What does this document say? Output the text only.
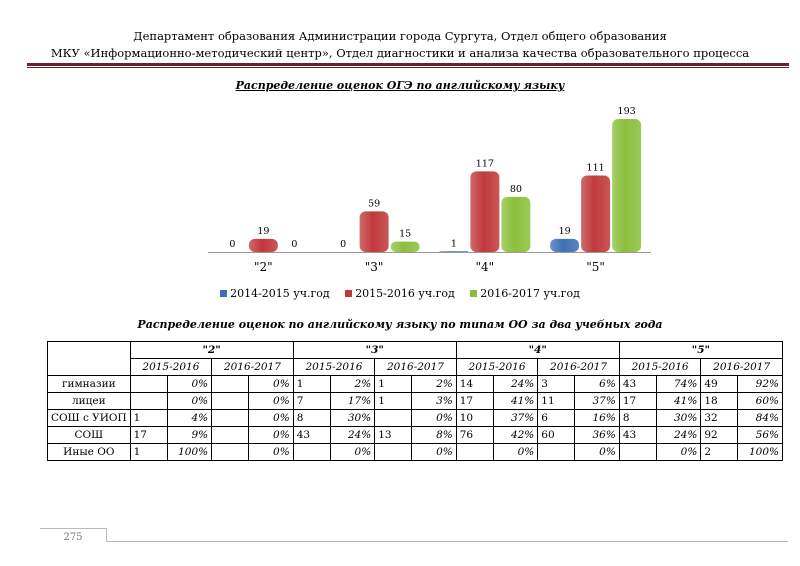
Департамент образования Администрации города Сургута, Отдел общего образования
МКУ «Информационно-методический центр», Отдел диагностики и анализа качества образовательного процесса
Распределение оценок ОГЭ по английскому языку
0
19
0
"2"
0
59
15
"3"
1
117
80
"4"
19
111
193
"5"
2014-2015 уч.год 2015-2016 уч.год 2016-2017 уч.год
Распределение оценок по английскому языку по типам ОО за два учебных года
	"2"				"3"				"4"				"5"			
	2015-2016		2016-2017		2015-2016		2016-2017		2015-2016		2016-2017		2015-2016		2016-2017	
гимназии		0%		0%	1	2%	1	2%	14	24%	3	6%	43	74%	49	92%
лицеи		0%		0%	7	17%	1	3%	17	41%	11	37%	17	41%	18	60%
СОШ с УИОП	1	4%		0%	8	30%		0%	10	37%	6	16%	8	30%	32	84%
СОШ	17	9%		0%	43	24%	13	8%	76	42%	60	36%	43	24%	92	56%
Иные ОО	1	100%		0%		0%		0%		0%		0%		0%	2	100%
275
